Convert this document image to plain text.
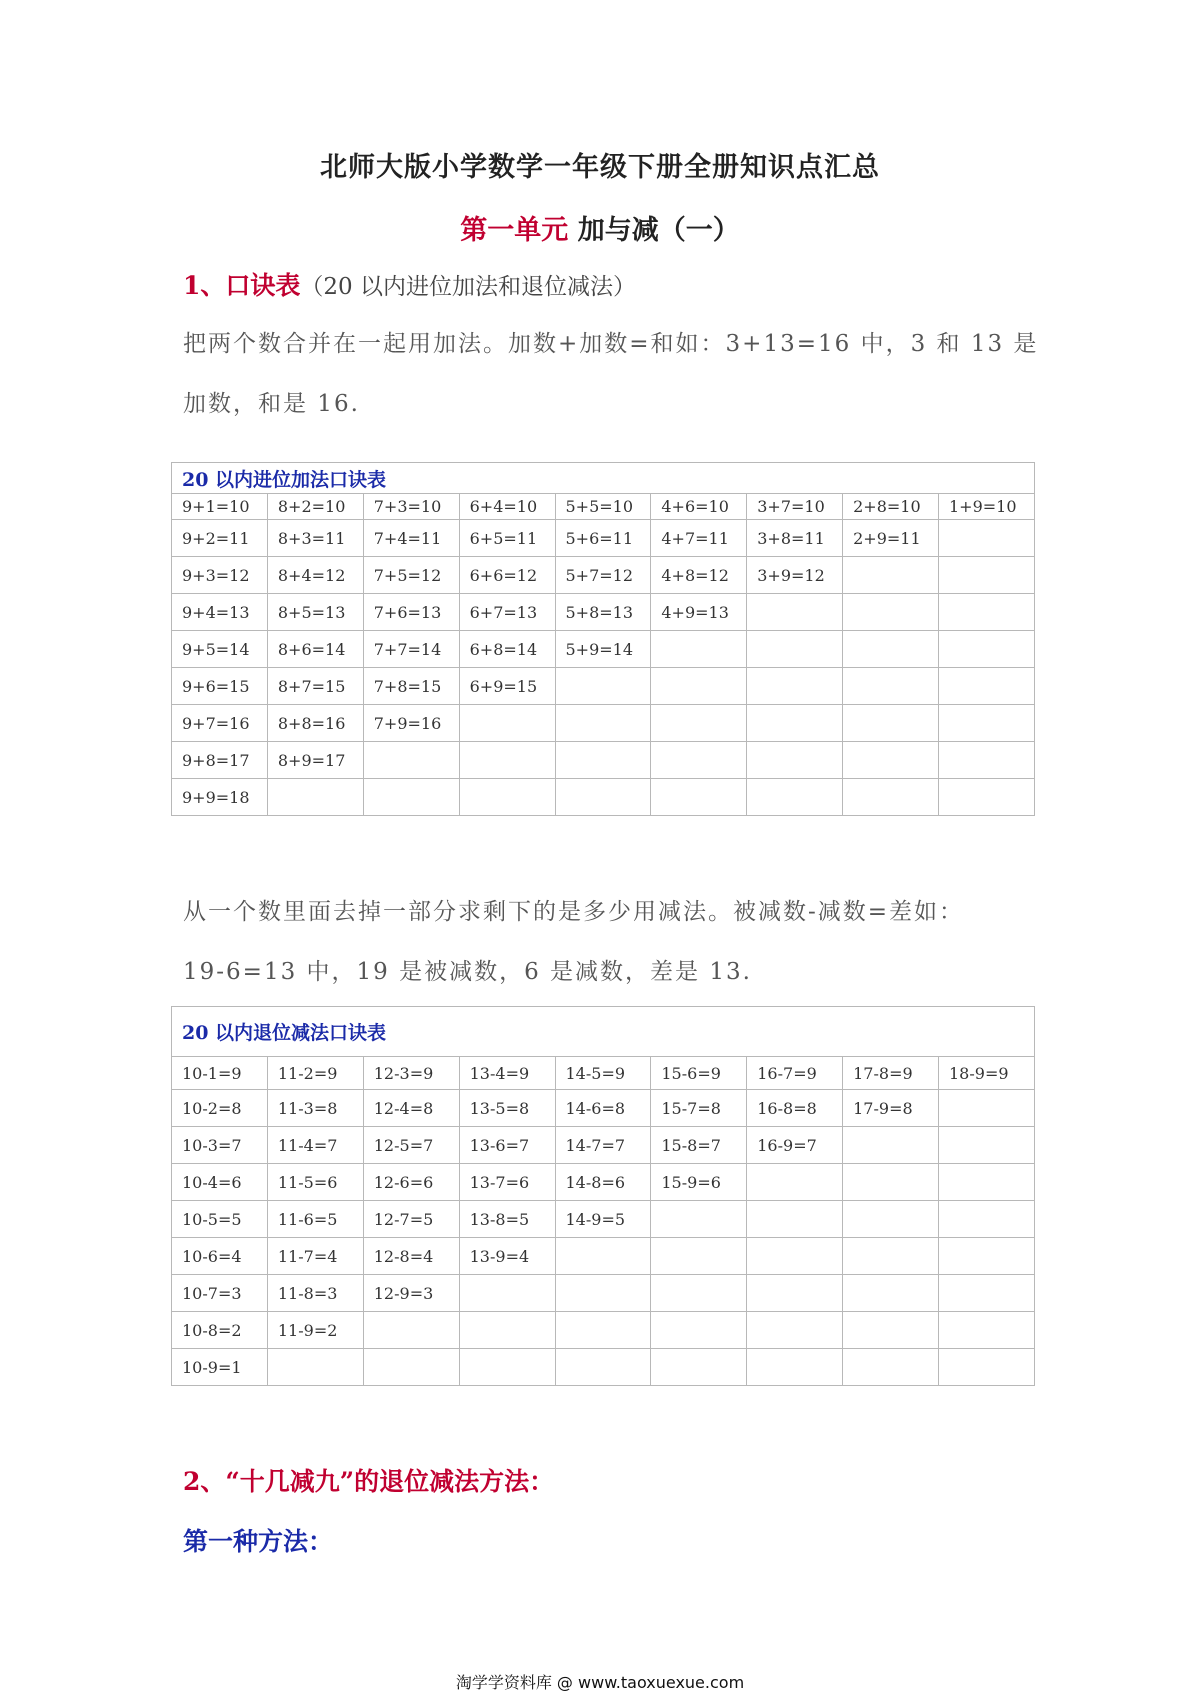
北师大版小学数学一年级下册全册知识点汇总
第一单元 加与减（一）
1、口诀表（20 以内进位加法和退位减法）
把两个数合并在一起用加法。加数+加数=和如：3+13=16 中，3 和 13 是
加数，和是 16.
20 以内进位加法口诀表								
9+1=10	8+2=10	7+3=10	6+4=10	5+5=10	4+6=10	3+7=10	2+8=10	1+9=10
9+2=11	8+3=11	7+4=11	6+5=11	5+6=11	4+7=11	3+8=11	2+9=11	
9+3=12	8+4=12	7+5=12	6+6=12	5+7=12	4+8=12	3+9=12		
9+4=13	8+5=13	7+6=13	6+7=13	5+8=13	4+9=13			
9+5=14	8+6=14	7+7=14	6+8=14	5+9=14				
9+6=15	8+7=15	7+8=15	6+9=15					
9+7=16	8+8=16	7+9=16						
9+8=17	8+9=17							
9+9=18								
从一个数里面去掉一部分求剩下的是多少用减法。被减数-减数=差如：
19-6=13 中，19 是被减数，6 是减数，差是 13.
20 以内退位减法口诀表								
10-1=9	11-2=9	12-3=9	13-4=9	14-5=9	15-6=9	16-7=9	17-8=9	18-9=9
10-2=8	11-3=8	12-4=8	13-5=8	14-6=8	15-7=8	16-8=8	17-9=8	
10-3=7	11-4=7	12-5=7	13-6=7	14-7=7	15-8=7	16-9=7		
10-4=6	11-5=6	12-6=6	13-7=6	14-8=6	15-9=6			
10-5=5	11-6=5	12-7=5	13-8=5	14-9=5				
10-6=4	11-7=4	12-8=4	13-9=4					
10-7=3	11-8=3	12-9=3						
10-8=2	11-9=2							
10-9=1								
2、“十几减九”的退位减法方法：
第一种方法：
淘学学资料库 @ www.taoxuexue.com
